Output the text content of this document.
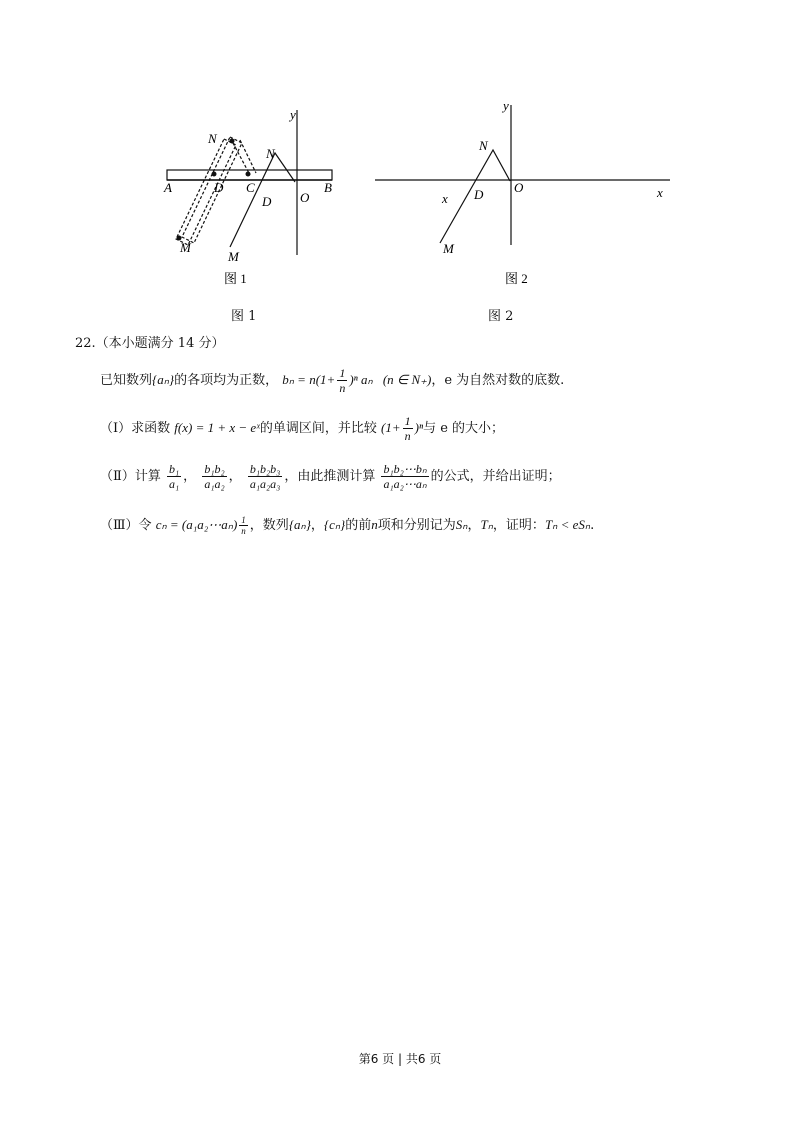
N
N
y
A	D C
O
B
D
M
M
图 1
y
N
x D O	x
M
图 2
图 1	图 2
22.（本小题满分 14 分）
已知数列{aₙ}的各项均为正数， $b_n = n(1+ \frac{1}{n} )^n$ aₙ (n ∈ N₊)，e 为自然对数的底数.
（Ⅰ）求函数 f(x) = 1 + x − eˣ的单调区间，并比较 $(1+ \frac{1}{n} )^n$与 e 的大小；
（Ⅱ）计算 $\frac{\text{b₁}}{\text{a₁}}$ ， $\frac{\text{b₁b₂}}{\text{a₁a₂}}$ ， $\frac{\text{b₁b₂b₃}}{\text{a₁a₂a₃}}$ ，由此推测计算 $\frac{\text{b₁b₂⋯bₙ}}{\text{a₁a₂⋯aₙ}}$ 的公式，并给出证明；
（Ⅲ）令 cₙ = (a₁a₂⋯aₙ) $\frac{1}{n}$ ，数列{aₙ}，{cₙ}的前n项和分别记为Sₙ，Tₙ，证明：Tₙ < eSₙ.
第6 页 | 共6 页
